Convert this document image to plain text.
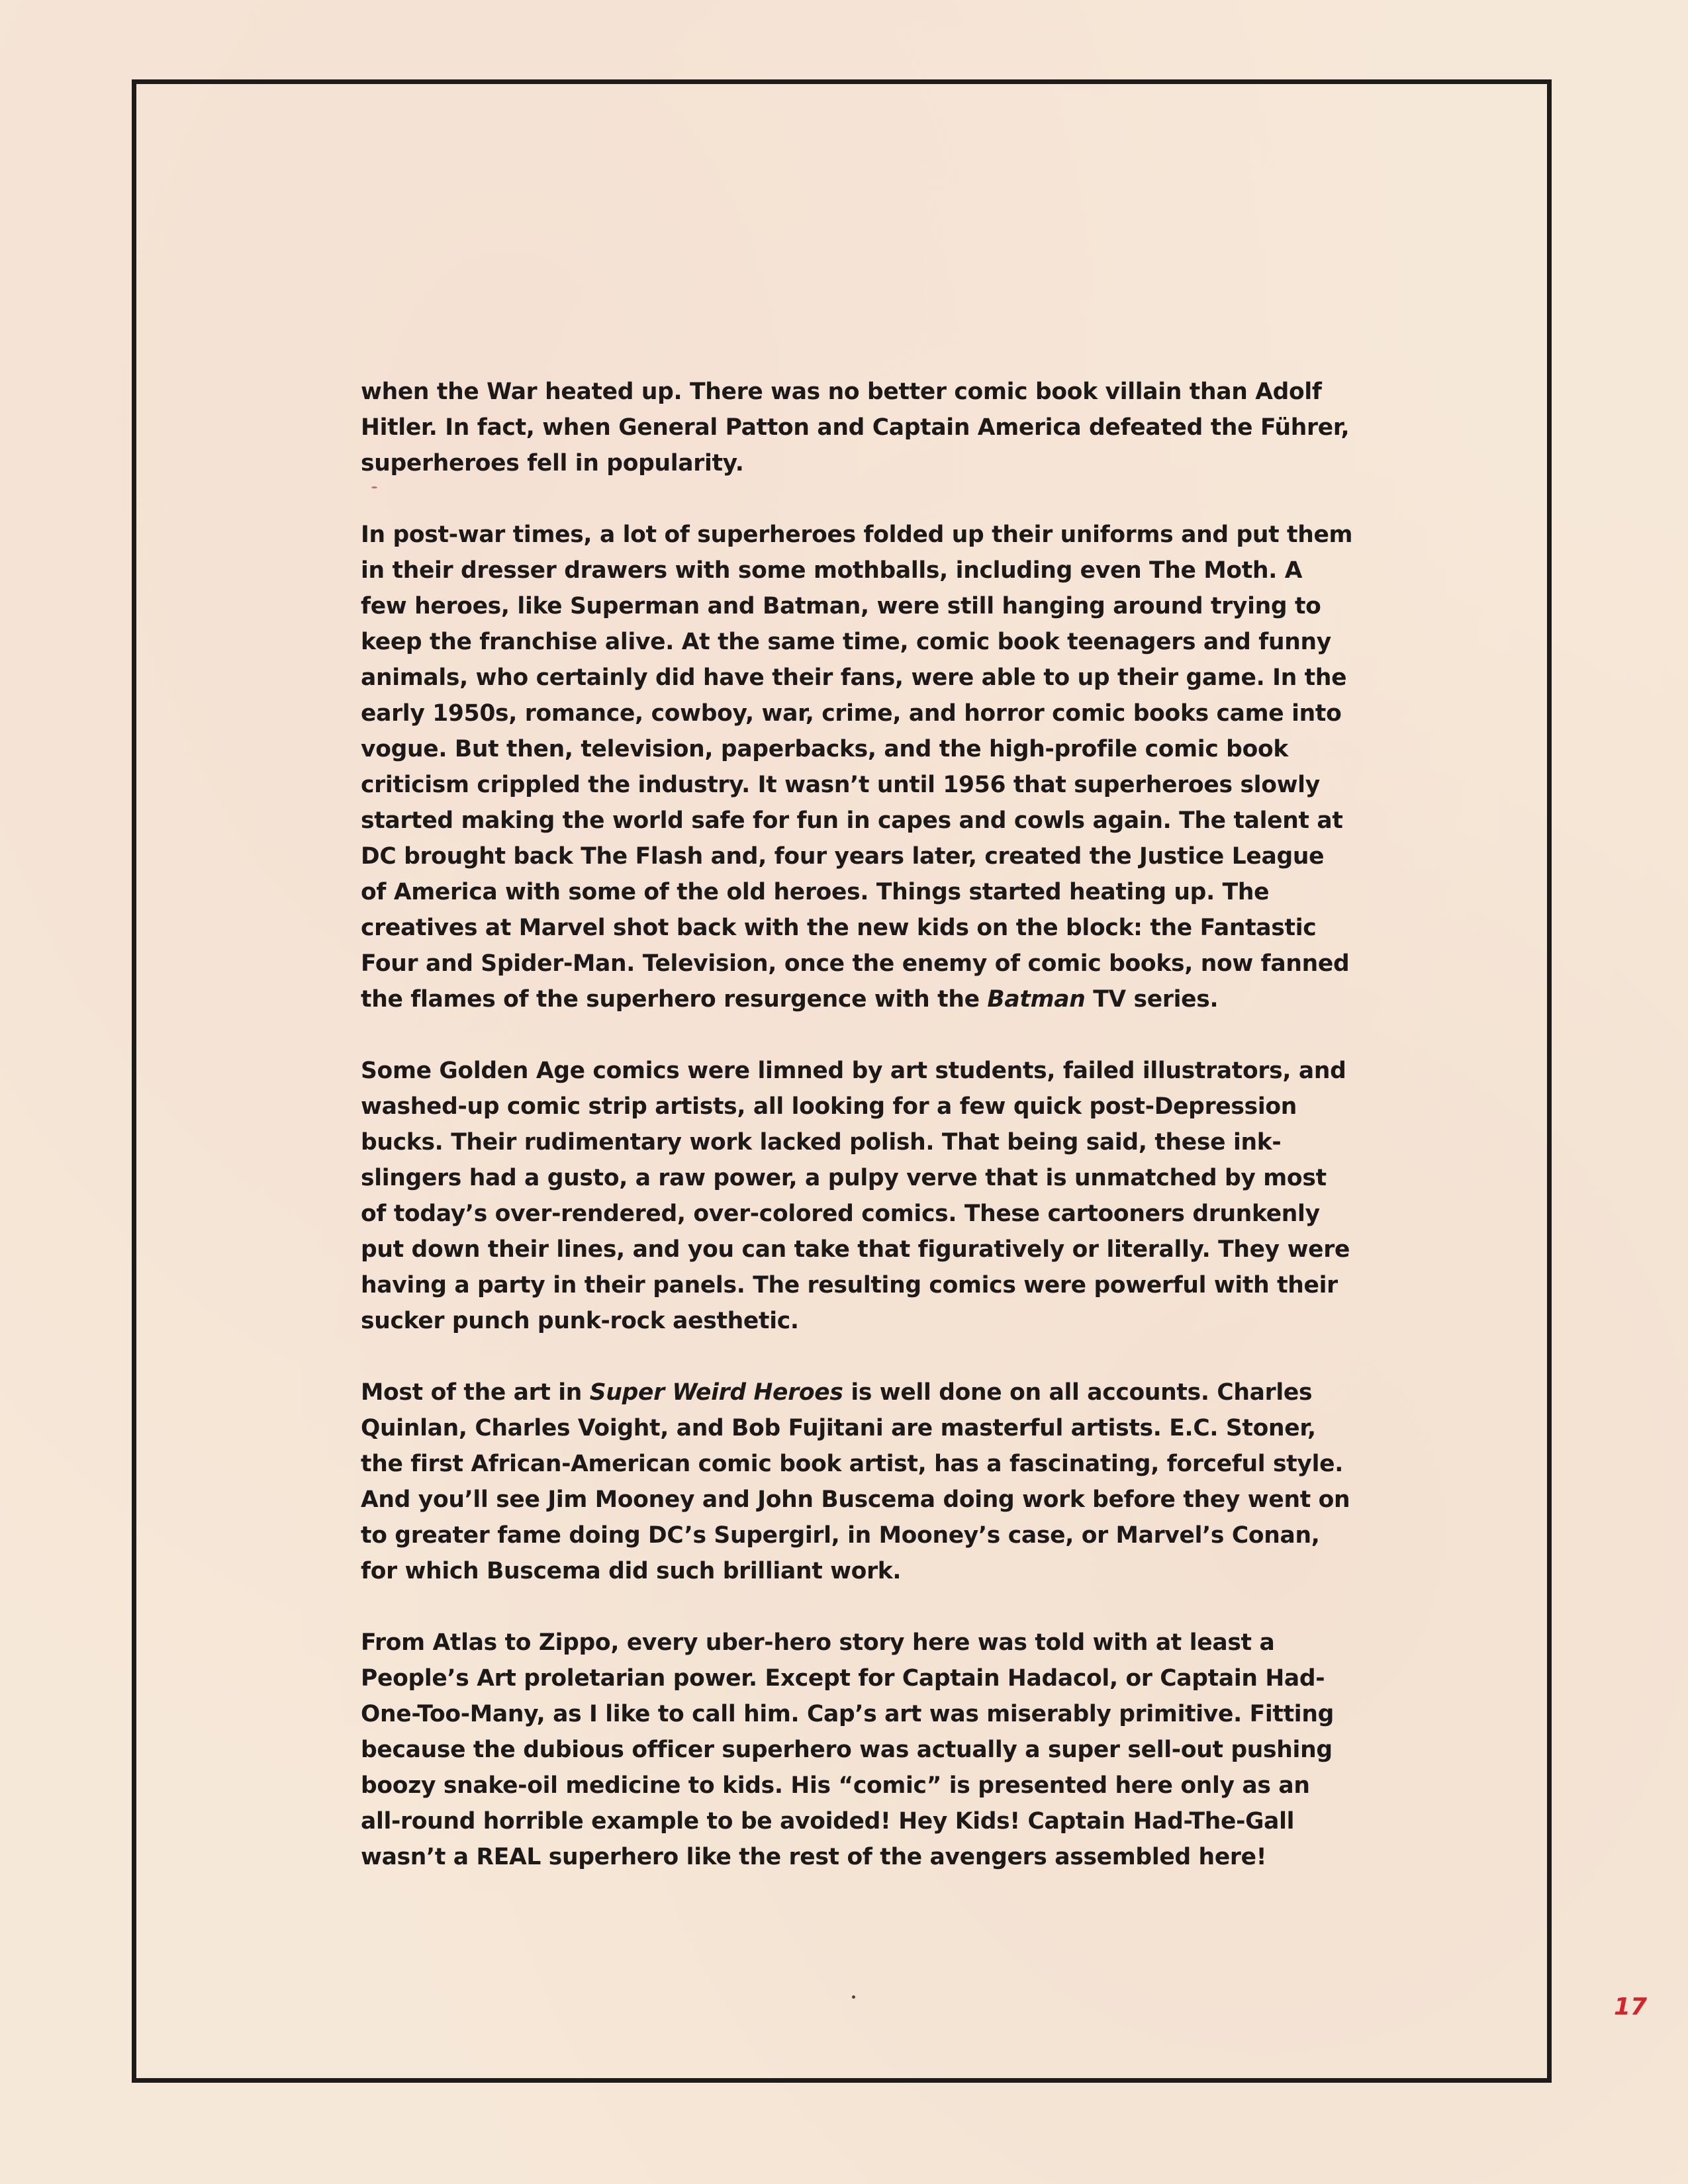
when the War heated up. There was no better comic book villain than Adolf Hitler. In fact, when General Patton and Captain America defeated the Führer, superheroes fell in popularity.

In post-war times, a lot of superheroes folded up their uniforms and put them in their dresser drawers with some mothballs, including even The Moth. A few heroes, like Superman and Batman, were still hanging around trying to keep the franchise alive. At the same time, comic book teenagers and funny animals, who certainly did have their fans, were able to up their game. In the early 1950s, romance, cowboy, war, crime, and horror comic books came into vogue. But then, television, paperbacks, and the high-profile comic book criticism crippled the industry. It wasn’t until 1956 that superheroes slowly started making the world safe for fun in capes and cowls again. The talent at DC brought back The Flash and, four years later, created the Justice League of America with some of the old heroes. Things started heating up. The creatives at Marvel shot back with the new kids on the block: the Fantastic Four and Spider-Man. Television, once the enemy of comic books, now fanned the flames of the superhero resurgence with the Batman TV series.

Some Golden Age comics were limned by art students, failed illustrators, and washed-up comic strip artists, all looking for a few quick post-Depression bucks. Their rudimentary work lacked polish. That being said, these ink-slingers had a gusto, a raw power, a pulpy verve that is unmatched by most of today’s over-rendered, over-colored comics. These cartooners drunkenly put down their lines, and you can take that figuratively or literally. They were having a party in their panels. The resulting comics were powerful with their sucker punch punk-rock aesthetic.

Most of the art in Super Weird Heroes is well done on all accounts. Charles Quinlan, Charles Voight, and Bob Fujitani are masterful artists. E.C. Stoner, the first African-American comic book artist, has a fascinating, forceful style. And you’ll see Jim Mooney and John Buscema doing work before they went on to greater fame doing DC’s Supergirl, in Mooney’s case, or Marvel’s Conan, for which Buscema did such brilliant work.

From Atlas to Zippo, every uber-hero story here was told with at least a People’s Art proletarian power. Except for Captain Hadacol, or Captain Had-One-Too-Many, as I like to call him. Cap’s art was miserably primitive. Fitting because the dubious officer superhero was actually a super sell-out pushing boozy snake-oil medicine to kids. His “comic” is presented here only as an all-round horrible example to be avoided! Hey Kids! Captain Had-The-Gall wasn’t a REAL superhero like the rest of the avengers assembled here!

17
